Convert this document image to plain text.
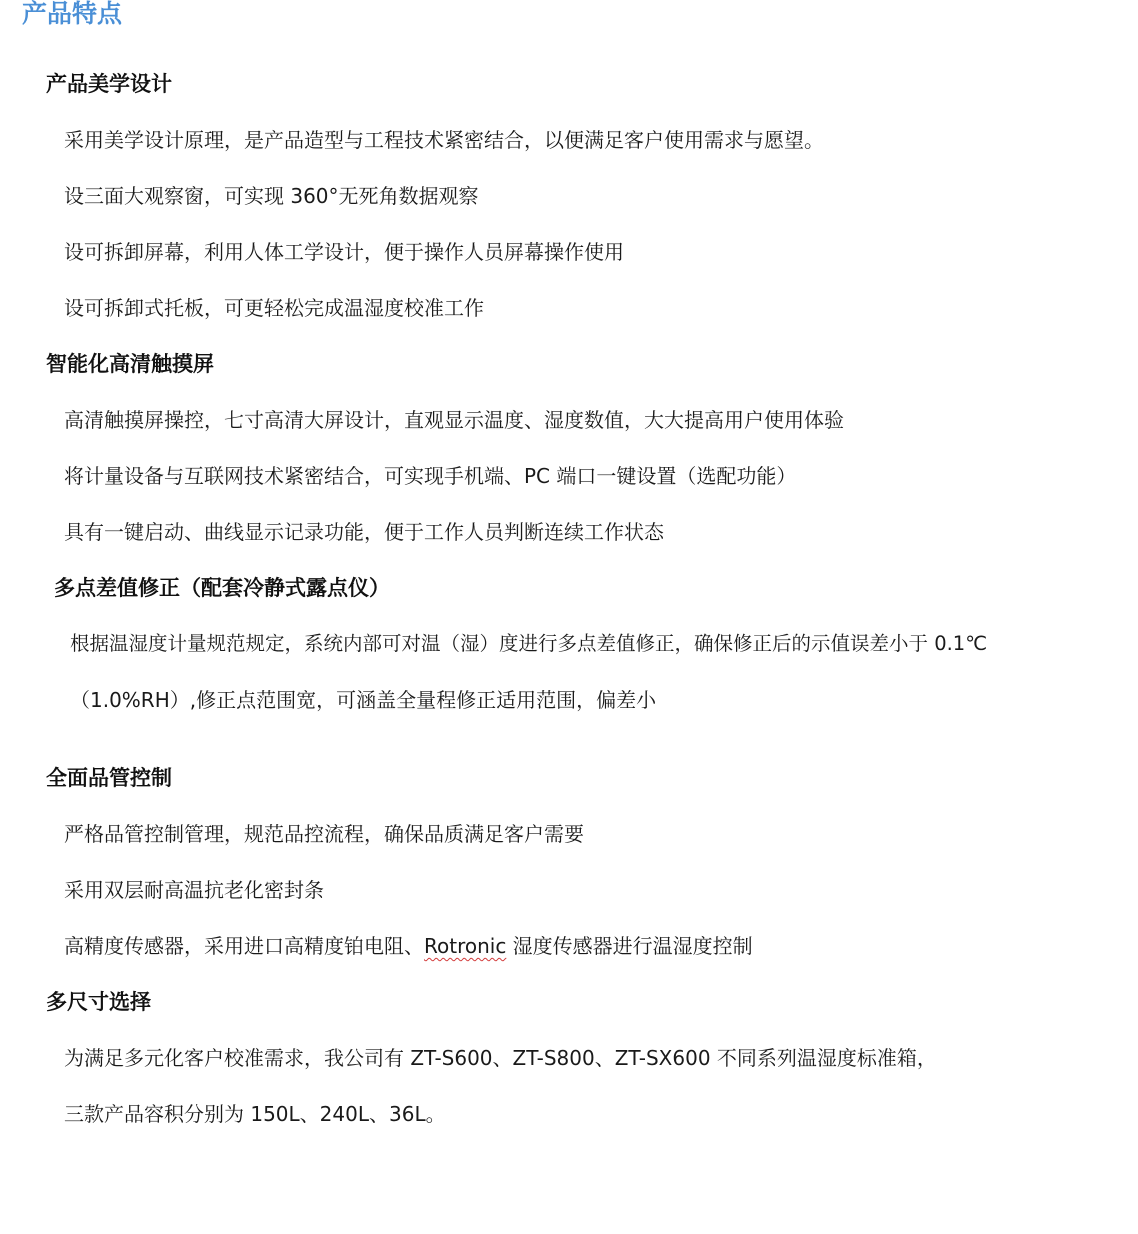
产品特点
产品美学设计

采用美学设计原理，是产品造型与工程技术紧密结合，以便满足客户使用需求与愿望。

设三面大观察窗，可实现 360°无死角数据观察

设可拆卸屏幕，利用人体工学设计，便于操作人员屏幕操作使用

设可拆卸式托板，可更轻松完成温湿度校准工作

智能化高清触摸屏

高清触摸屏操控，七寸高清大屏设计，直观显示温度、湿度数值，大大提高用户使用体验

将计量设备与互联网技术紧密结合，可实现手机端、PC 端口一键设置（选配功能）

具有一键启动、曲线显示记录功能，便于工作人员判断连续工作状态

多点差值修正（配套冷静式露点仪）

根据温湿度计量规范规定，系统内部可对温（湿）度进行多点差值修正，确保修正后的示值误差小于 0.1℃

（1.0%RH）,修正点范围宽，可涵盖全量程修正适用范围，偏差小

全面品管控制

严格品管控制管理，规范品控流程，确保品质满足客户需要

采用双层耐高温抗老化密封条

高精度传感器，采用进口高精度铂电阻、Rotronic 湿度传感器进行温湿度控制

多尺寸选择

为满足多元化客户校准需求，我公司有 ZT-S600、ZT-S800、ZT-SX600 不同系列温湿度标准箱，

三款产品容积分别为 150L、240L、36L。
